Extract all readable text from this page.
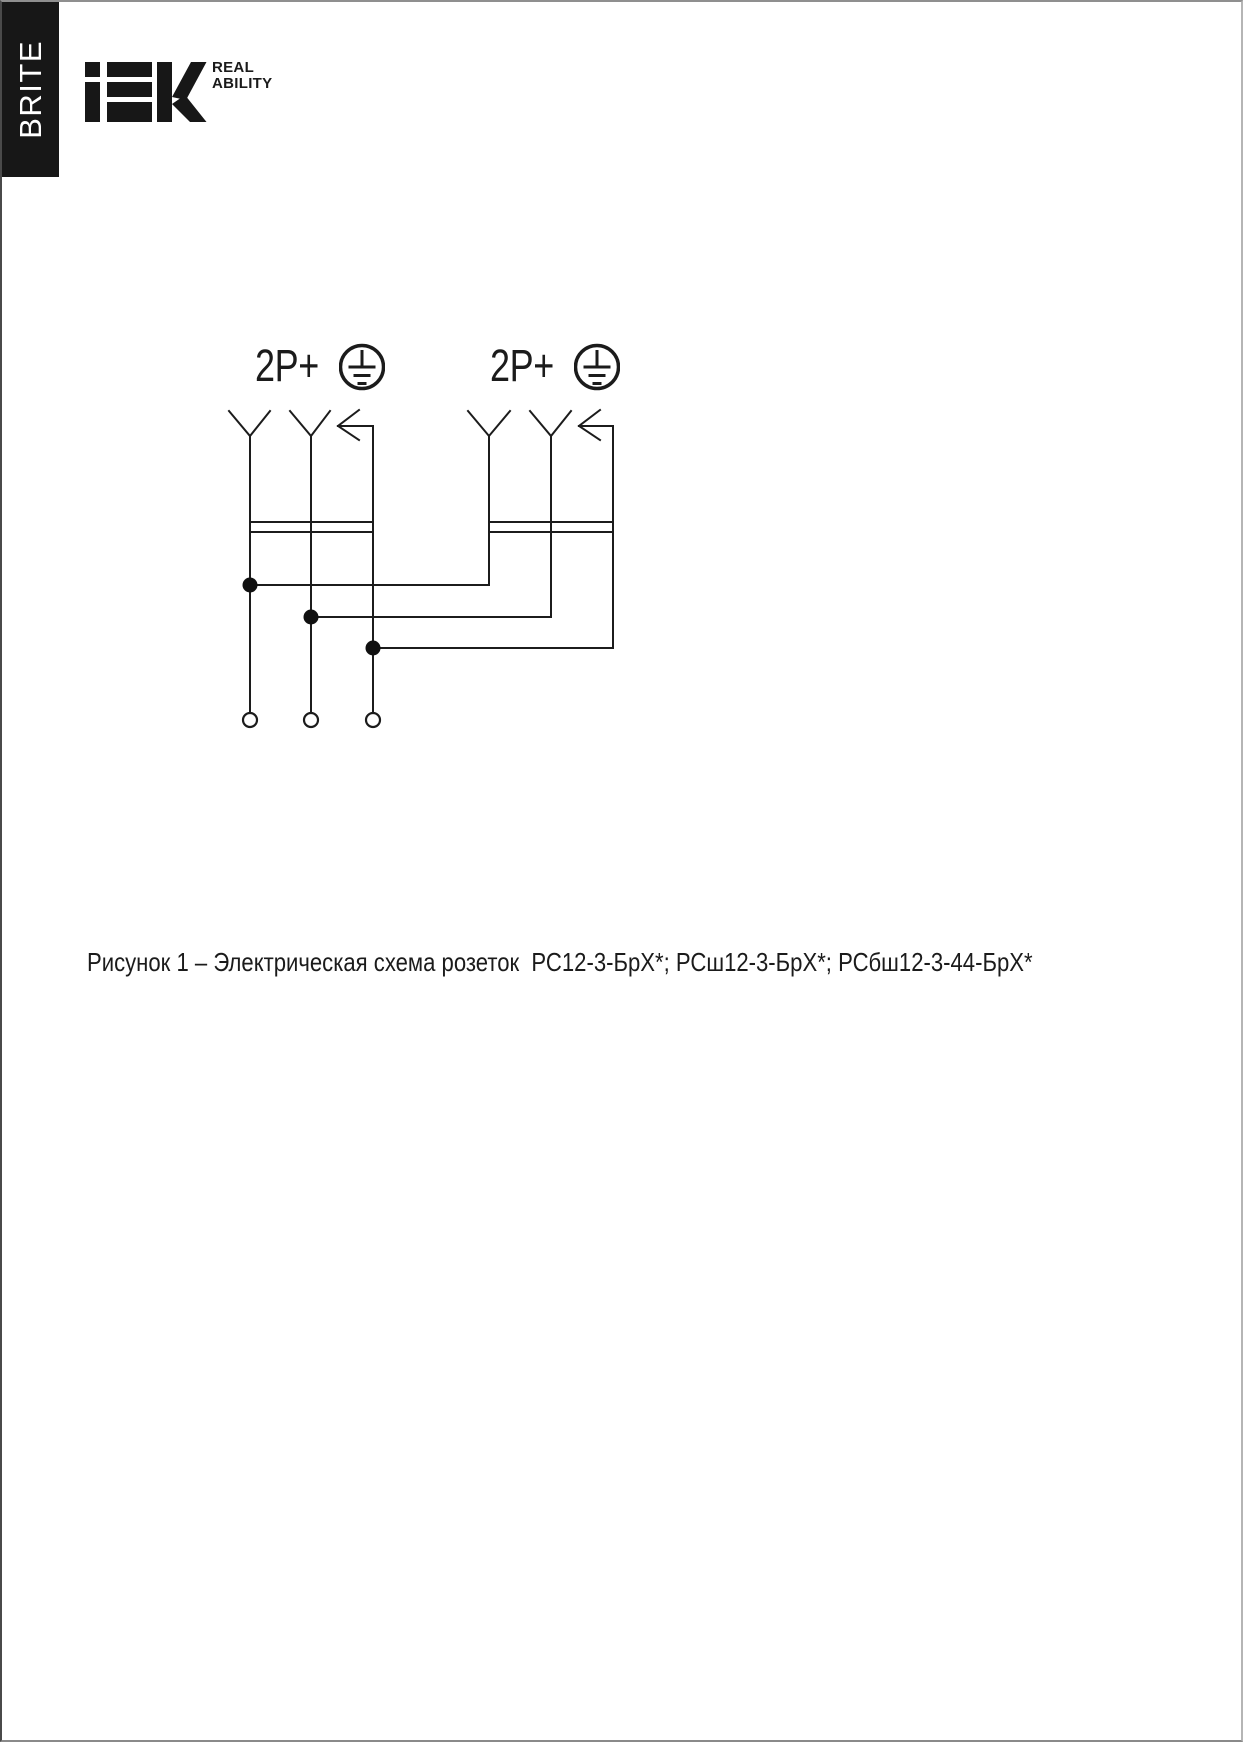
BRITE	REAL
ABILITY
2P+	2P+
Рисунок 1 – Электрическая схема розеток  РС12-3-БрХ*; РСш12-3-БрХ*; РСбш12-3-44-БрХ*
